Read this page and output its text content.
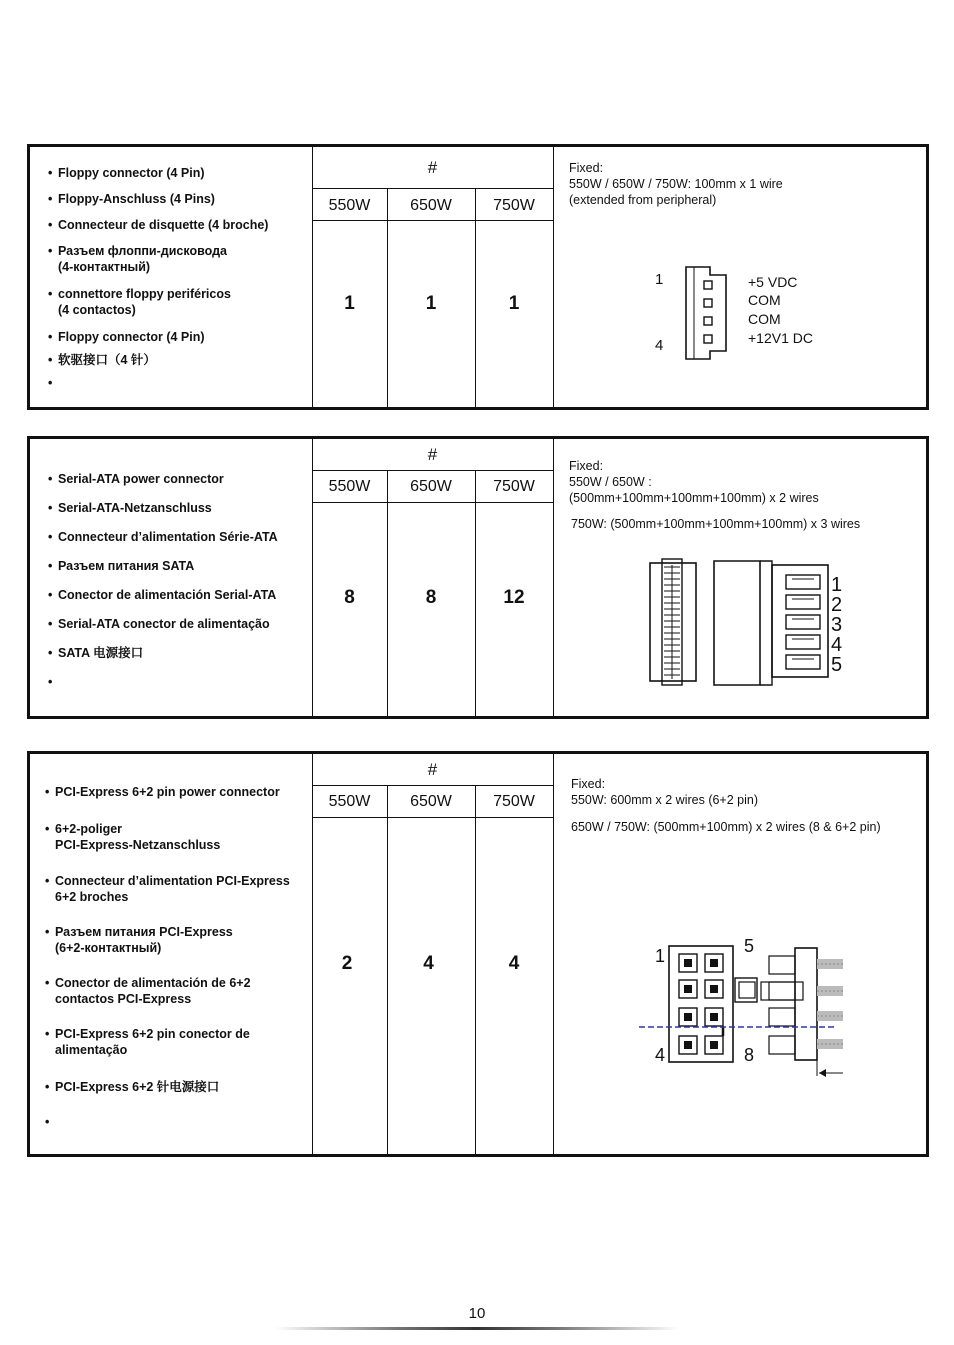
• Floppy connector (4 Pin)
• Floppy-Anschluss (4 Pins)
• Connecteur de disquette (4 broche)
• Разъем флоппи-дисковода
(4-контактный)
• connettore floppy periféricos
(4 contactos)
• Floppy connector (4 Pin)
• 软驱接口（4 针）
#
550W	650W	750W
1	1	1
Fixed:
550W / 650W / 750W: 100mm x 1 wire
(extended from peripheral)
1
4
+5 VDC
COM
COM
+12V1 DC
• Serial-ATA power connector
• Serial-ATA-Netzanschluss
• Connecteur d’alimentation Série-ATA
• Разъем питания SATA
• Conector de alimentación Serial-ATA
• Serial-ATA conector de alimentação
• SATA 电源接口
#
550W	650W	750W
8	8	12
Fixed:
550W / 650W :
(500mm+100mm+100mm+100mm) x 2 wires
750W: (500mm+100mm+100mm+100mm) x 3 wires
1
2
3
4
5
• PCI-Express 6+2 pin power connector
• 6+2-poliger
PCI-Express-Netzanschluss
• Connecteur d’alimentation PCI-Express
6+2 broches
• Разъем питания PCI-Express
(6+2-контактный)
• Conector de alimentación de 6+2
contactos PCI-Express
• PCI-Express 6+2 pin conector de
alimentação
• PCI-Express 6+2 针电源接口
#
550W	650W	750W
2	4	4
Fixed:
550W: 600mm x 2 wires (6+2 pin)
650W / 750W: (500mm+100mm) x 2 wires (8 & 6+2 pin)
1	5
4	8
10
